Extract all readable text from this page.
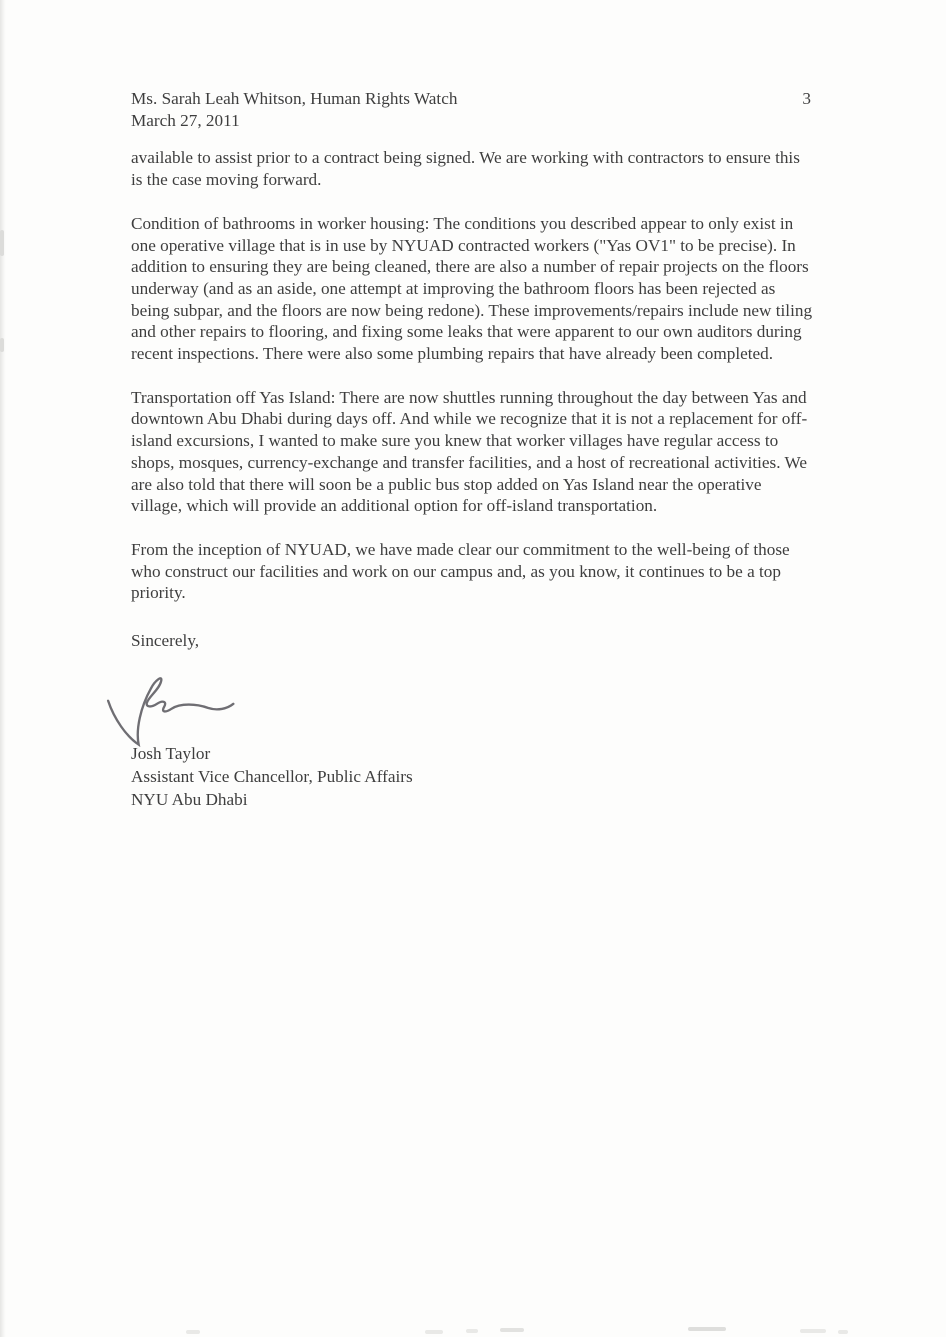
Ms. Sarah Leah Whitson, Human Rights Watch
March 27, 2011
3

available to assist prior to a contract being signed. We are working with contractors to ensure this is the case moving forward.

Condition of bathrooms in worker housing: The conditions you described appear to only exist in one operative village that is in use by NYUAD contracted workers ("Yas OV1" to be precise). In addition to ensuring they are being cleaned, there are also a number of repair projects on the floors underway (and as an aside, one attempt at improving the bathroom floors has been rejected as being subpar, and the floors are now being redone). These improvements/repairs include new tiling and other repairs to flooring, and fixing some leaks that were apparent to our own auditors during recent inspections. There were also some plumbing repairs that have already been completed.

Transportation off Yas Island: There are now shuttles running throughout the day between Yas and downtown Abu Dhabi during days off. And while we recognize that it is not a replacement for off-island excursions, I wanted to make sure you knew that worker villages have regular access to shops, mosques, currency-exchange and transfer facilities, and a host of recreational activities. We are also told that there will soon be a public bus stop added on Yas Island near the operative village, which will provide an additional option for off-island transportation.

From the inception of NYUAD, we have made clear our commitment to the well-being of those who construct our facilities and work on our campus and, as you know, it continues to be a top priority.

Sincerely,

Josh Taylor
Assistant Vice Chancellor, Public Affairs
NYU Abu Dhabi
